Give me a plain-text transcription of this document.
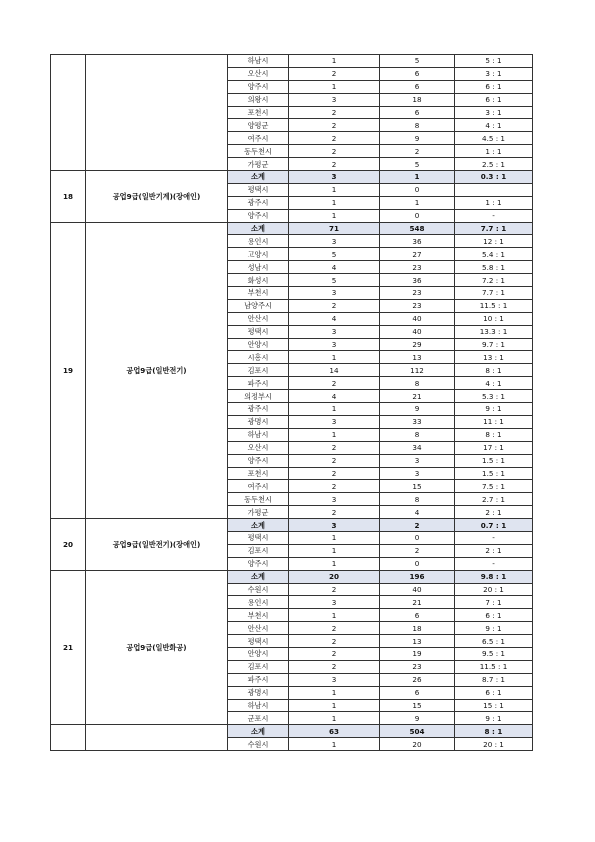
		하남시	1	5	5 : 1
		오산시	2	6	3 : 1
		양주시	1	6	6 : 1
		의왕시	3	18	6 : 1
		포천시	2	6	3 : 1
		양평군	2	8	4 : 1
		여주시	2	9	4.5 : 1
		동두천시	2	2	1 : 1
		가평군	2	5	2.5 : 1
18	공업9급(일반기계)(장애인)	소계	3	1	0.3 : 1
		평택시	1	0	
		광주시	1	1	1 : 1
		양주시	1	0	-
19	공업9급(일반전기)	소계	71	548	7.7 : 1
		용인시	3	36	12 : 1
		고양시	5	27	5.4 : 1
		성남시	4	23	5.8 : 1
		화성시	5	36	7.2 : 1
		부천시	3	23	7.7 : 1
		남양주시	2	23	11.5 : 1
		안산시	4	40	10 : 1
		평택시	3	40	13.3 : 1
		안양시	3	29	9.7 : 1
		시흥시	1	13	13 : 1
		김포시	14	112	8 : 1
		파주시	2	8	4 : 1
		의정부시	4	21	5.3 : 1
		광주시	1	9	9 : 1
		광명시	3	33	11 : 1
		하남시	1	8	8 : 1
		오산시	2	34	17 : 1
		양주시	2	3	1.5 : 1
		포천시	2	3	1.5 : 1
		여주시	2	15	7.5 : 1
		동두천시	3	8	2.7 : 1
		가평군	2	4	2 : 1
20	공업9급(일반전기)(장애인)	소계	3	2	0.7 : 1
		평택시	1	0	-
		김포시	1	2	2 : 1
		양주시	1	0	-
21	공업9급(일반화공)	소계	20	196	9.8 : 1
		수원시	2	40	20 : 1
		용인시	3	21	7 : 1
		부천시	1	6	6 : 1
		안산시	2	18	9 : 1
		평택시	2	13	6.5 : 1
		안양시	2	19	9.5 : 1
		김포시	2	23	11.5 : 1
		파주시	3	26	8.7 : 1
		광명시	1	6	6 : 1
		하남시	1	15	15 : 1
		군포시	1	9	9 : 1
		소계	63	504	8 : 1
		수원시	1	20	20 : 1
